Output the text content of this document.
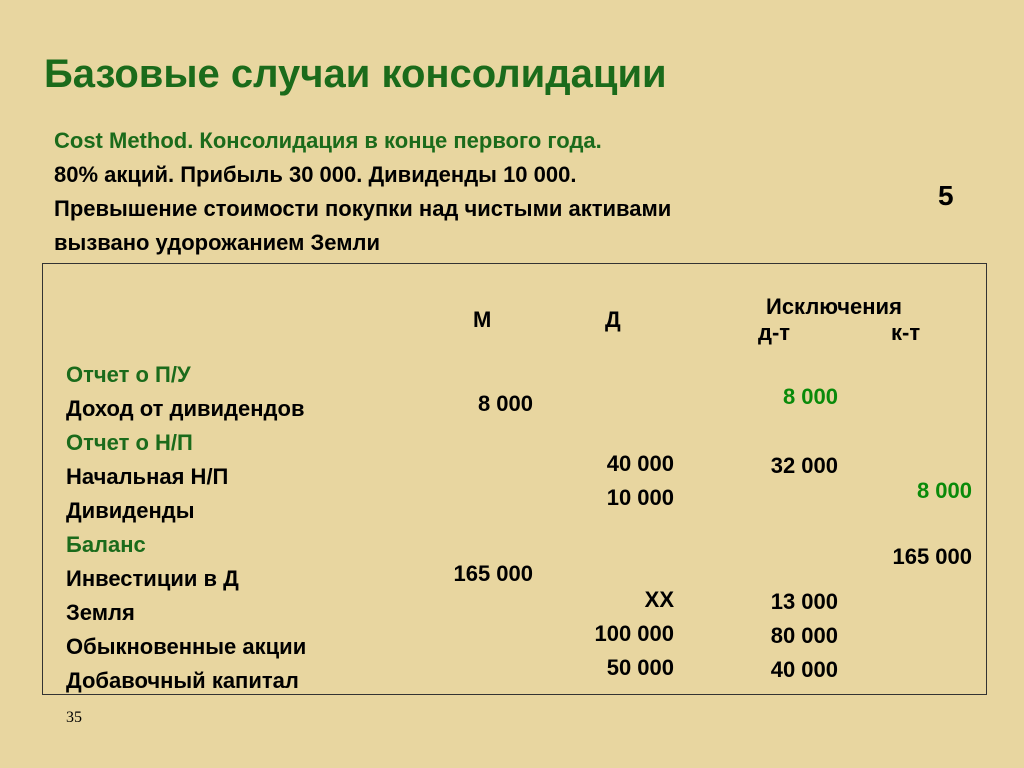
Базовые случаи консолидации
Cost Method. Консолидация в конце первого года.
80% акций. Прибыль 30 000. Дивиденды 10 000.
Превышение стоимости покупки над чистыми активами
вызвано удорожанием Земли
5
М	Д
Исключения
д-т	к-т
Отчет о П/У
Доход от дивидендов
Отчет о Н/П
Начальная Н/П
Дивиденды
Баланс
Инвестиции в Д
Земля
Обыкновенные акции
Добавочный капитал
8 000
165 000
40 000
10 000
XX
100 000
50 000
8 000
32 000
13 000
80 000
40 000
8 000
165 000
35
